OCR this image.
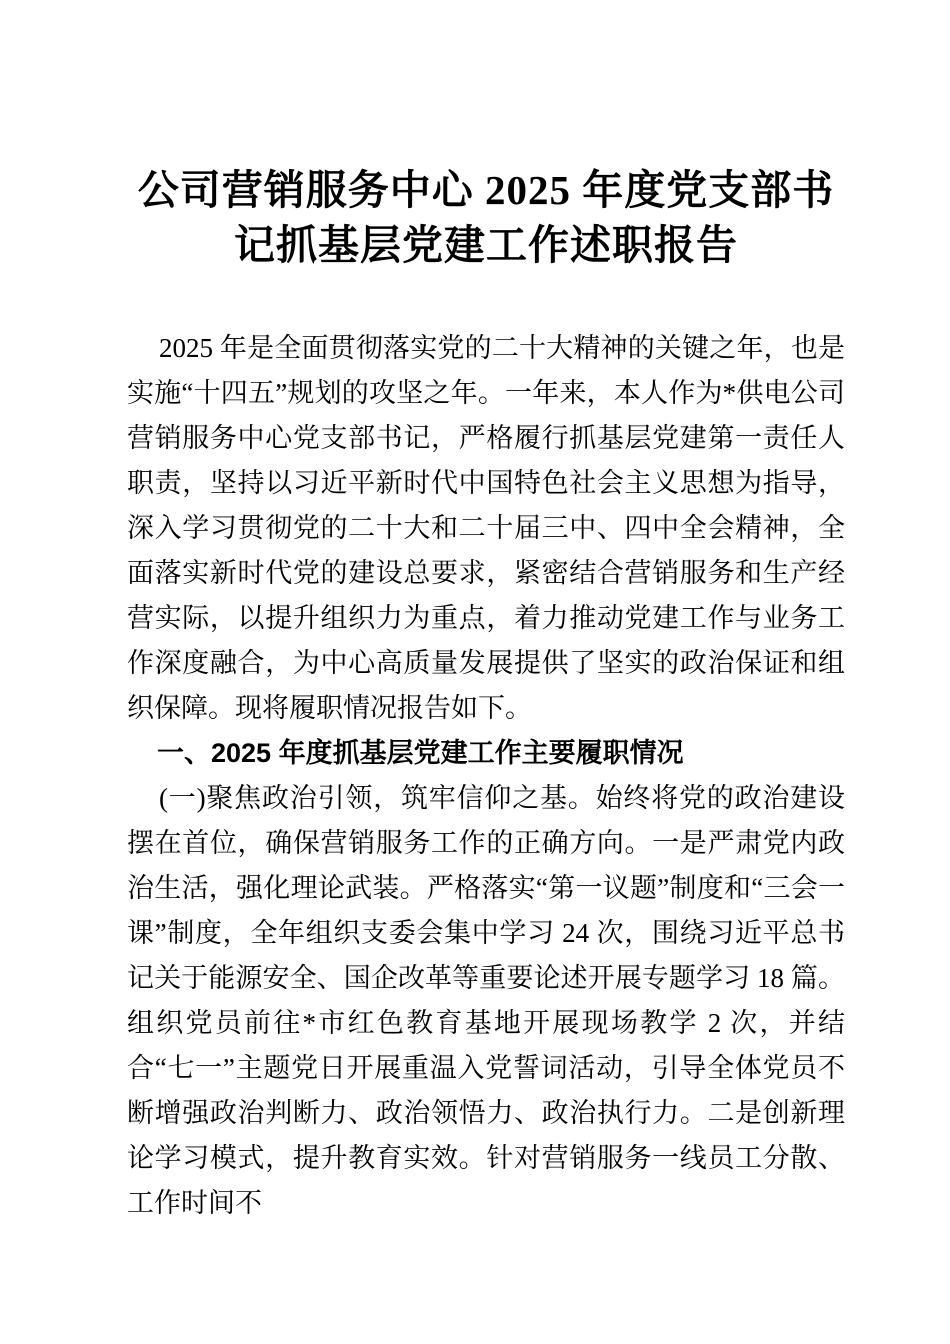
公司营销服务中心 2025 年度党支部书
记抓基层党建工作述职报告

2025 年是全面贯彻落实党的二十大精神的关键之年，也是实施“十四五”规划的攻坚之年。一年来，本人作为*供电公司营销服务中心党支部书记，严格履行抓基层党建第一责任人职责，坚持以习近平新时代中国特色社会主义思想为指导，深入学习贯彻党的二十大和二十届三中、四中全会精神，全面落实新时代党的建设总要求，紧密结合营销服务和生产经营实际，以提升组织力为重点，着力推动党建工作与业务工作深度融合，为中心高质量发展提供了坚实的政治保证和组织保障。现将履职情况报告如下。

一、2025 年度抓基层党建工作主要履职情况

(一)聚焦政治引领，筑牢信仰之基。始终将党的政治建设摆在首位，确保营销服务工作的正确方向。一是严肃党内政治生活，强化理论武装。严格落实“第一议题”制度和“三会一课”制度，全年组织支委会集中学习 24 次，围绕习近平总书记关于能源安全、国企改革等重要论述开展专题学习 18 篇。组织党员前往*市红色教育基地开展现场教学 2 次，并结合“七一”主题党日开展重温入党誓词活动，引导全体党员不断增强政治判断力、政治领悟力、政治执行力。二是创新理论学习模式，提升教育实效。针对营销服务一线员工分散、工作时间不
